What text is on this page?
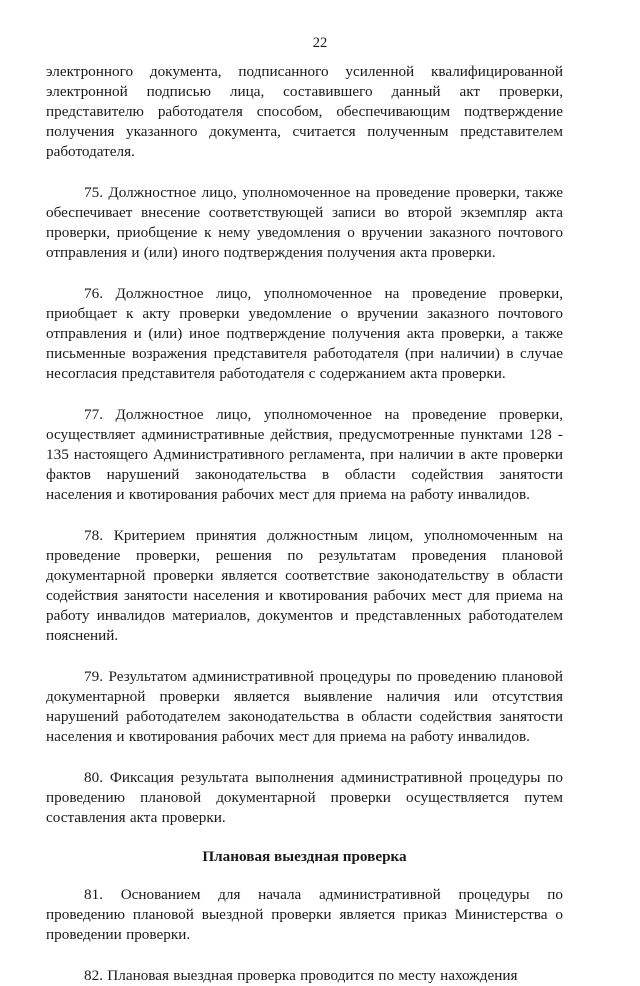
22

электронного документа, подписанного усиленной квалифицированной электронной подписью лица, составившего данный акт проверки, представителю работодателя способом, обеспечивающим подтверждение получения указанного документа, считается полученным представителем работодателя.

75. Должностное лицо, уполномоченное на проведение проверки, также обеспечивает внесение соответствующей записи во второй экземпляр акта проверки, приобщение к нему уведомления о вручении заказного почтового отправления и (или) иного подтверждения получения акта проверки.

76. Должностное лицо, уполномоченное на проведение проверки, приобщает к акту проверки уведомление о вручении заказного почтового отправления и (или) иное подтверждение получения акта проверки, а также письменные возражения представителя работодателя (при наличии) в случае несогласия представителя работодателя с содержанием акта проверки.

77. Должностное лицо, уполномоченное на проведение проверки, осуществляет административные действия, предусмотренные пунктами 128 - 135 настоящего Административного регламента, при наличии в акте проверки фактов нарушений законодательства в области содействия занятости населения и квотирования рабочих мест для приема на работу инвалидов.

78. Критерием принятия должностным лицом, уполномоченным на проведение проверки, решения по результатам проведения плановой документарной проверки является соответствие законодательству в области содействия занятости населения и квотирования рабочих мест для приема на работу инвалидов материалов, документов и представленных работодателем пояснений.

79. Результатом административной процедуры по проведению плановой документарной проверки является выявление наличия или отсутствия нарушений работодателем законодательства в области содействия занятости населения и квотирования рабочих мест для приема на работу инвалидов.

80. Фиксация результата выполнения административной процедуры по проведению плановой документарной проверки осуществляется путем составления акта проверки.

Плановая выездная проверка

81. Основанием для начала административной процедуры по проведению плановой выездной проверки является приказ Министерства о проведении проверки.

82. Плановая выездная проверка проводится по месту нахождения
